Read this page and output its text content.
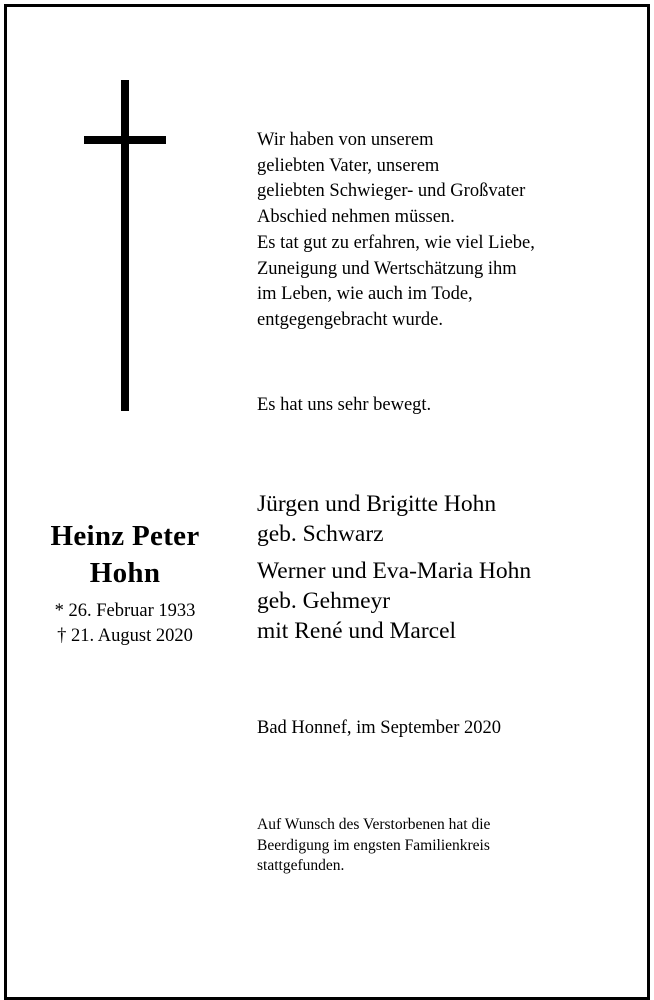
Wir haben von unserem
geliebten Vater, unserem
geliebten Schwieger- und Großvater
Abschied nehmen müssen.
Es tat gut zu erfahren, wie viel Liebe,
Zuneigung und Wertschätzung ihm
im Leben, wie auch im Tode,
entgegengebracht wurde.
Es hat uns sehr bewegt.
Heinz Peter
Hohn
* 26. Februar 1933
† 21. August 2020
Jürgen und Brigitte Hohn
geb. Schwarz
Werner und Eva-Maria Hohn
geb. Gehmeyr
mit René und Marcel
Bad Honnef, im September 2020
Auf Wunsch des Verstorbenen hat die
Beerdigung im engsten Familienkreis
stattgefunden.
